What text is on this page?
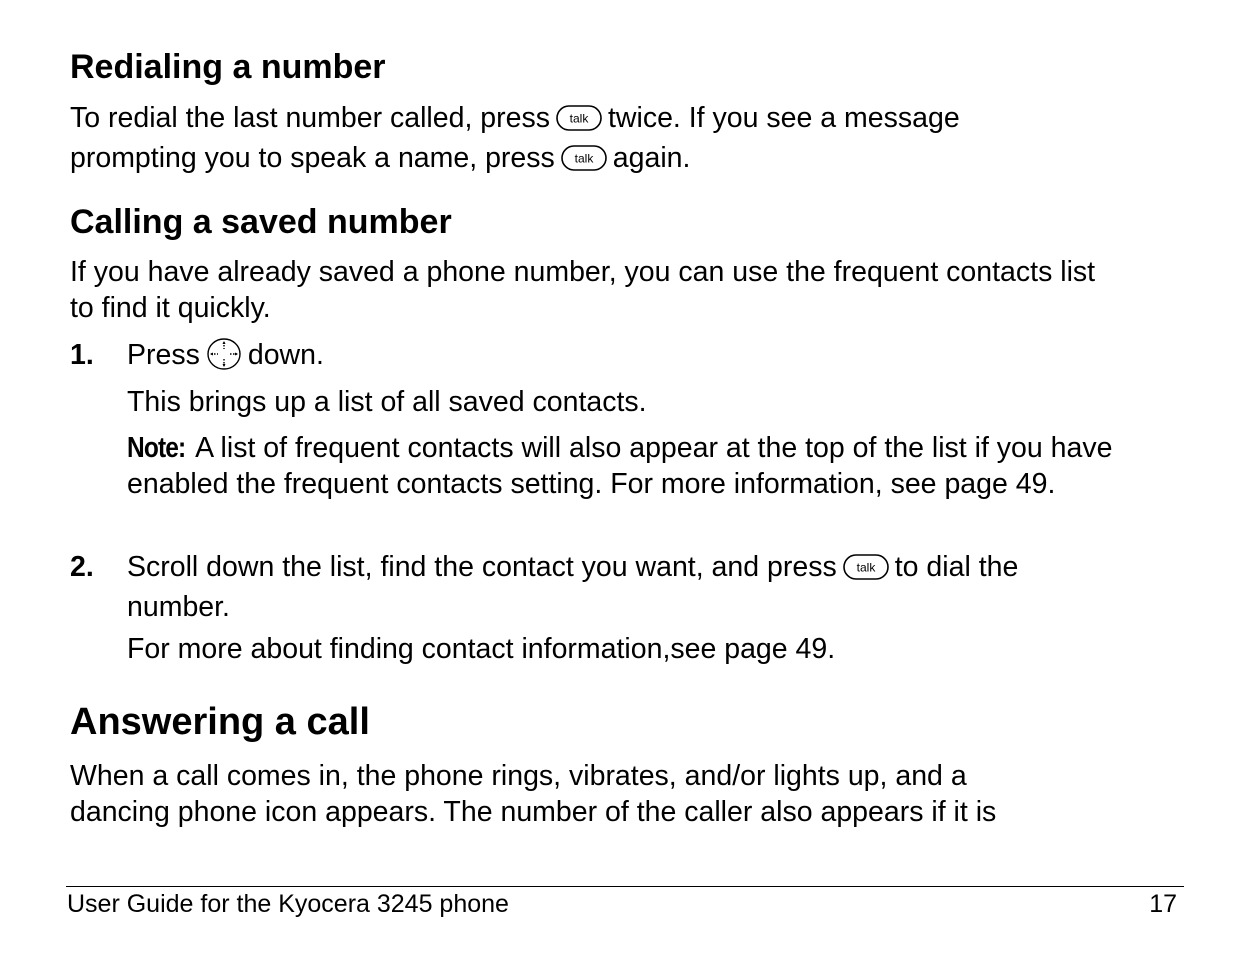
Redialing a number
To redial the last number called, press talk twice. If you see a message
prompting you to speak a name, press talk again.
Calling a saved number
If you have already saved a phone number, you can use the frequent contacts list to find it quickly.
1. Press down.
This brings up a list of all saved contacts.
Note: A list of frequent contacts will also appear at the top of the list if you have enabled the frequent contacts setting. For more information, see page 49.
2. Scroll down the list, find the contact you want, and press talk to dial the
number.
For more about finding contact information,see page 49.
Answering a call
When a call comes in, the phone rings, vibrates, and/or lights up, and a
dancing phone icon appears. The number of the caller also appears if it is
User Guide for the Kyocera 3245 phone	17
